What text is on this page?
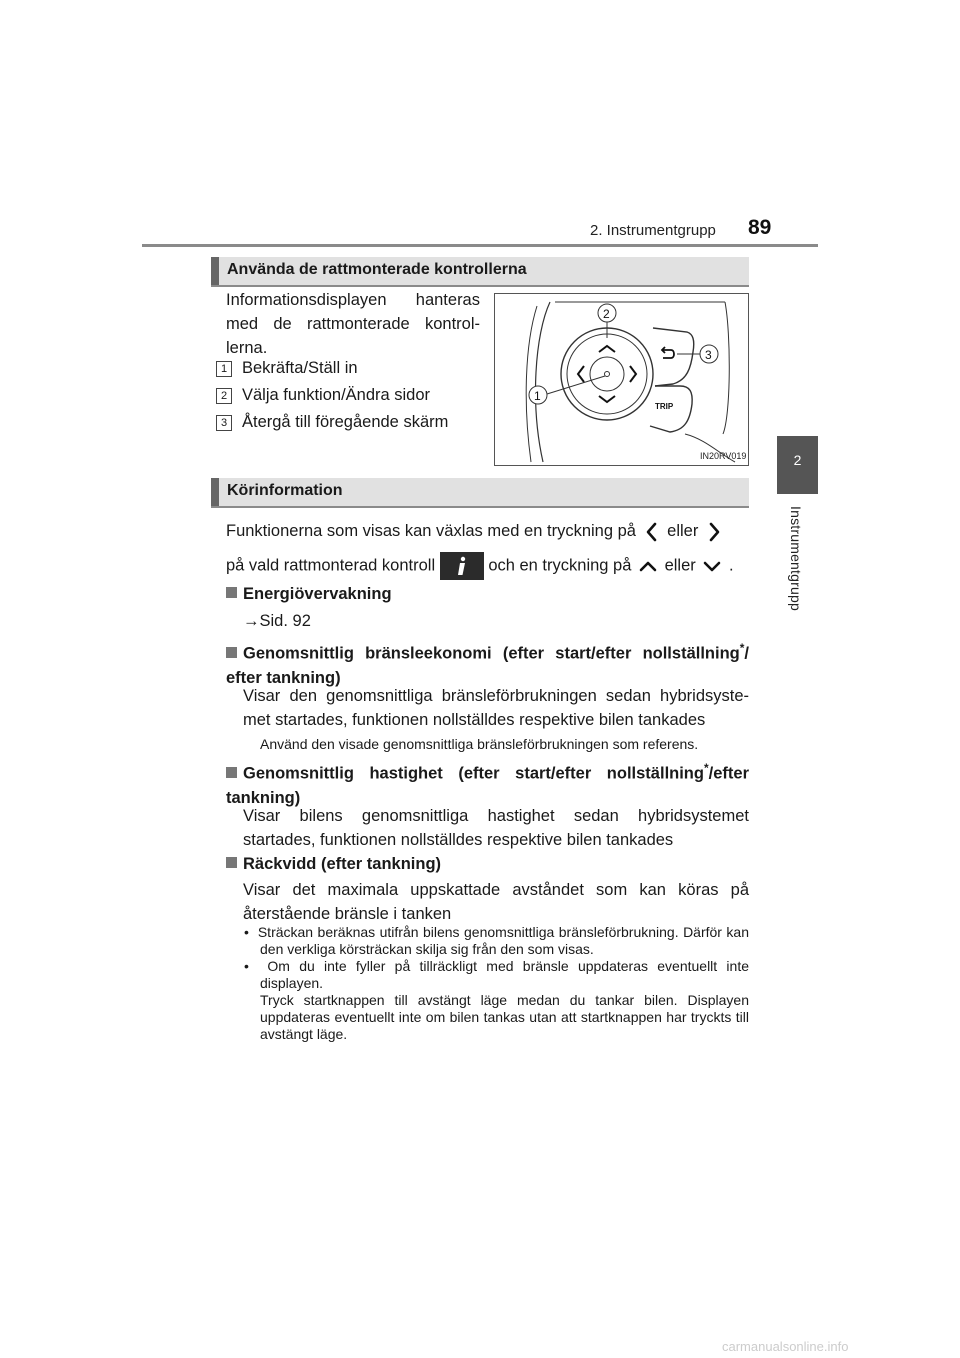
2. Instrumentgrupp 89
2
Instrumentgrupp
Använda de rattmonterade kontrollerna
Informationsdisplayen hanteras med de rattmonterade kontrol-lerna.
1 Bekräfta/Ställ in
2 Välja funktion/Ändra sidor
3 Återgå till föregående skärm
TRIP
2
3
1
IN20RV019
Körinformation
Funktionerna som visas kan växlas med en tryckning på eller
på vald rattmonterad kontroll	och en tryckning på eller .
Energiövervakning
→Sid. 92
Genomsnittlig bränsleekonomi (efter start/efter nollställning*/ efter tankning)
Visar den genomsnittliga bränsleförbrukningen sedan hybridsyste-met startades, funktionen nollställdes respektive bilen tankades
Använd den visade genomsnittliga bränsleförbrukningen som referens.
Genomsnittlig hastighet (efter start/efter nollställning*/efter tankning)
Visar bilens genomsnittliga hastighet sedan hybridsystemet startades, funktionen nollställdes respektive bilen tankades
Räckvidd (efter tankning)
Visar det maximala uppskattade avståndet som kan köras på återstående bränsle i tanken
• Sträckan beräknas utifrån bilens genomsnittliga bränsleförbrukning. Därför kan den verkliga körsträckan skilja sig från den som visas.
• Om du inte fyller på tillräckligt med bränsle uppdateras eventuellt inte displayen.
Tryck startknappen till avstängt läge medan du tankar bilen. Displayen uppdateras eventuellt inte om bilen tankas utan att startknappen har tryckts till avstängt läge.
carmanualsonline.info
